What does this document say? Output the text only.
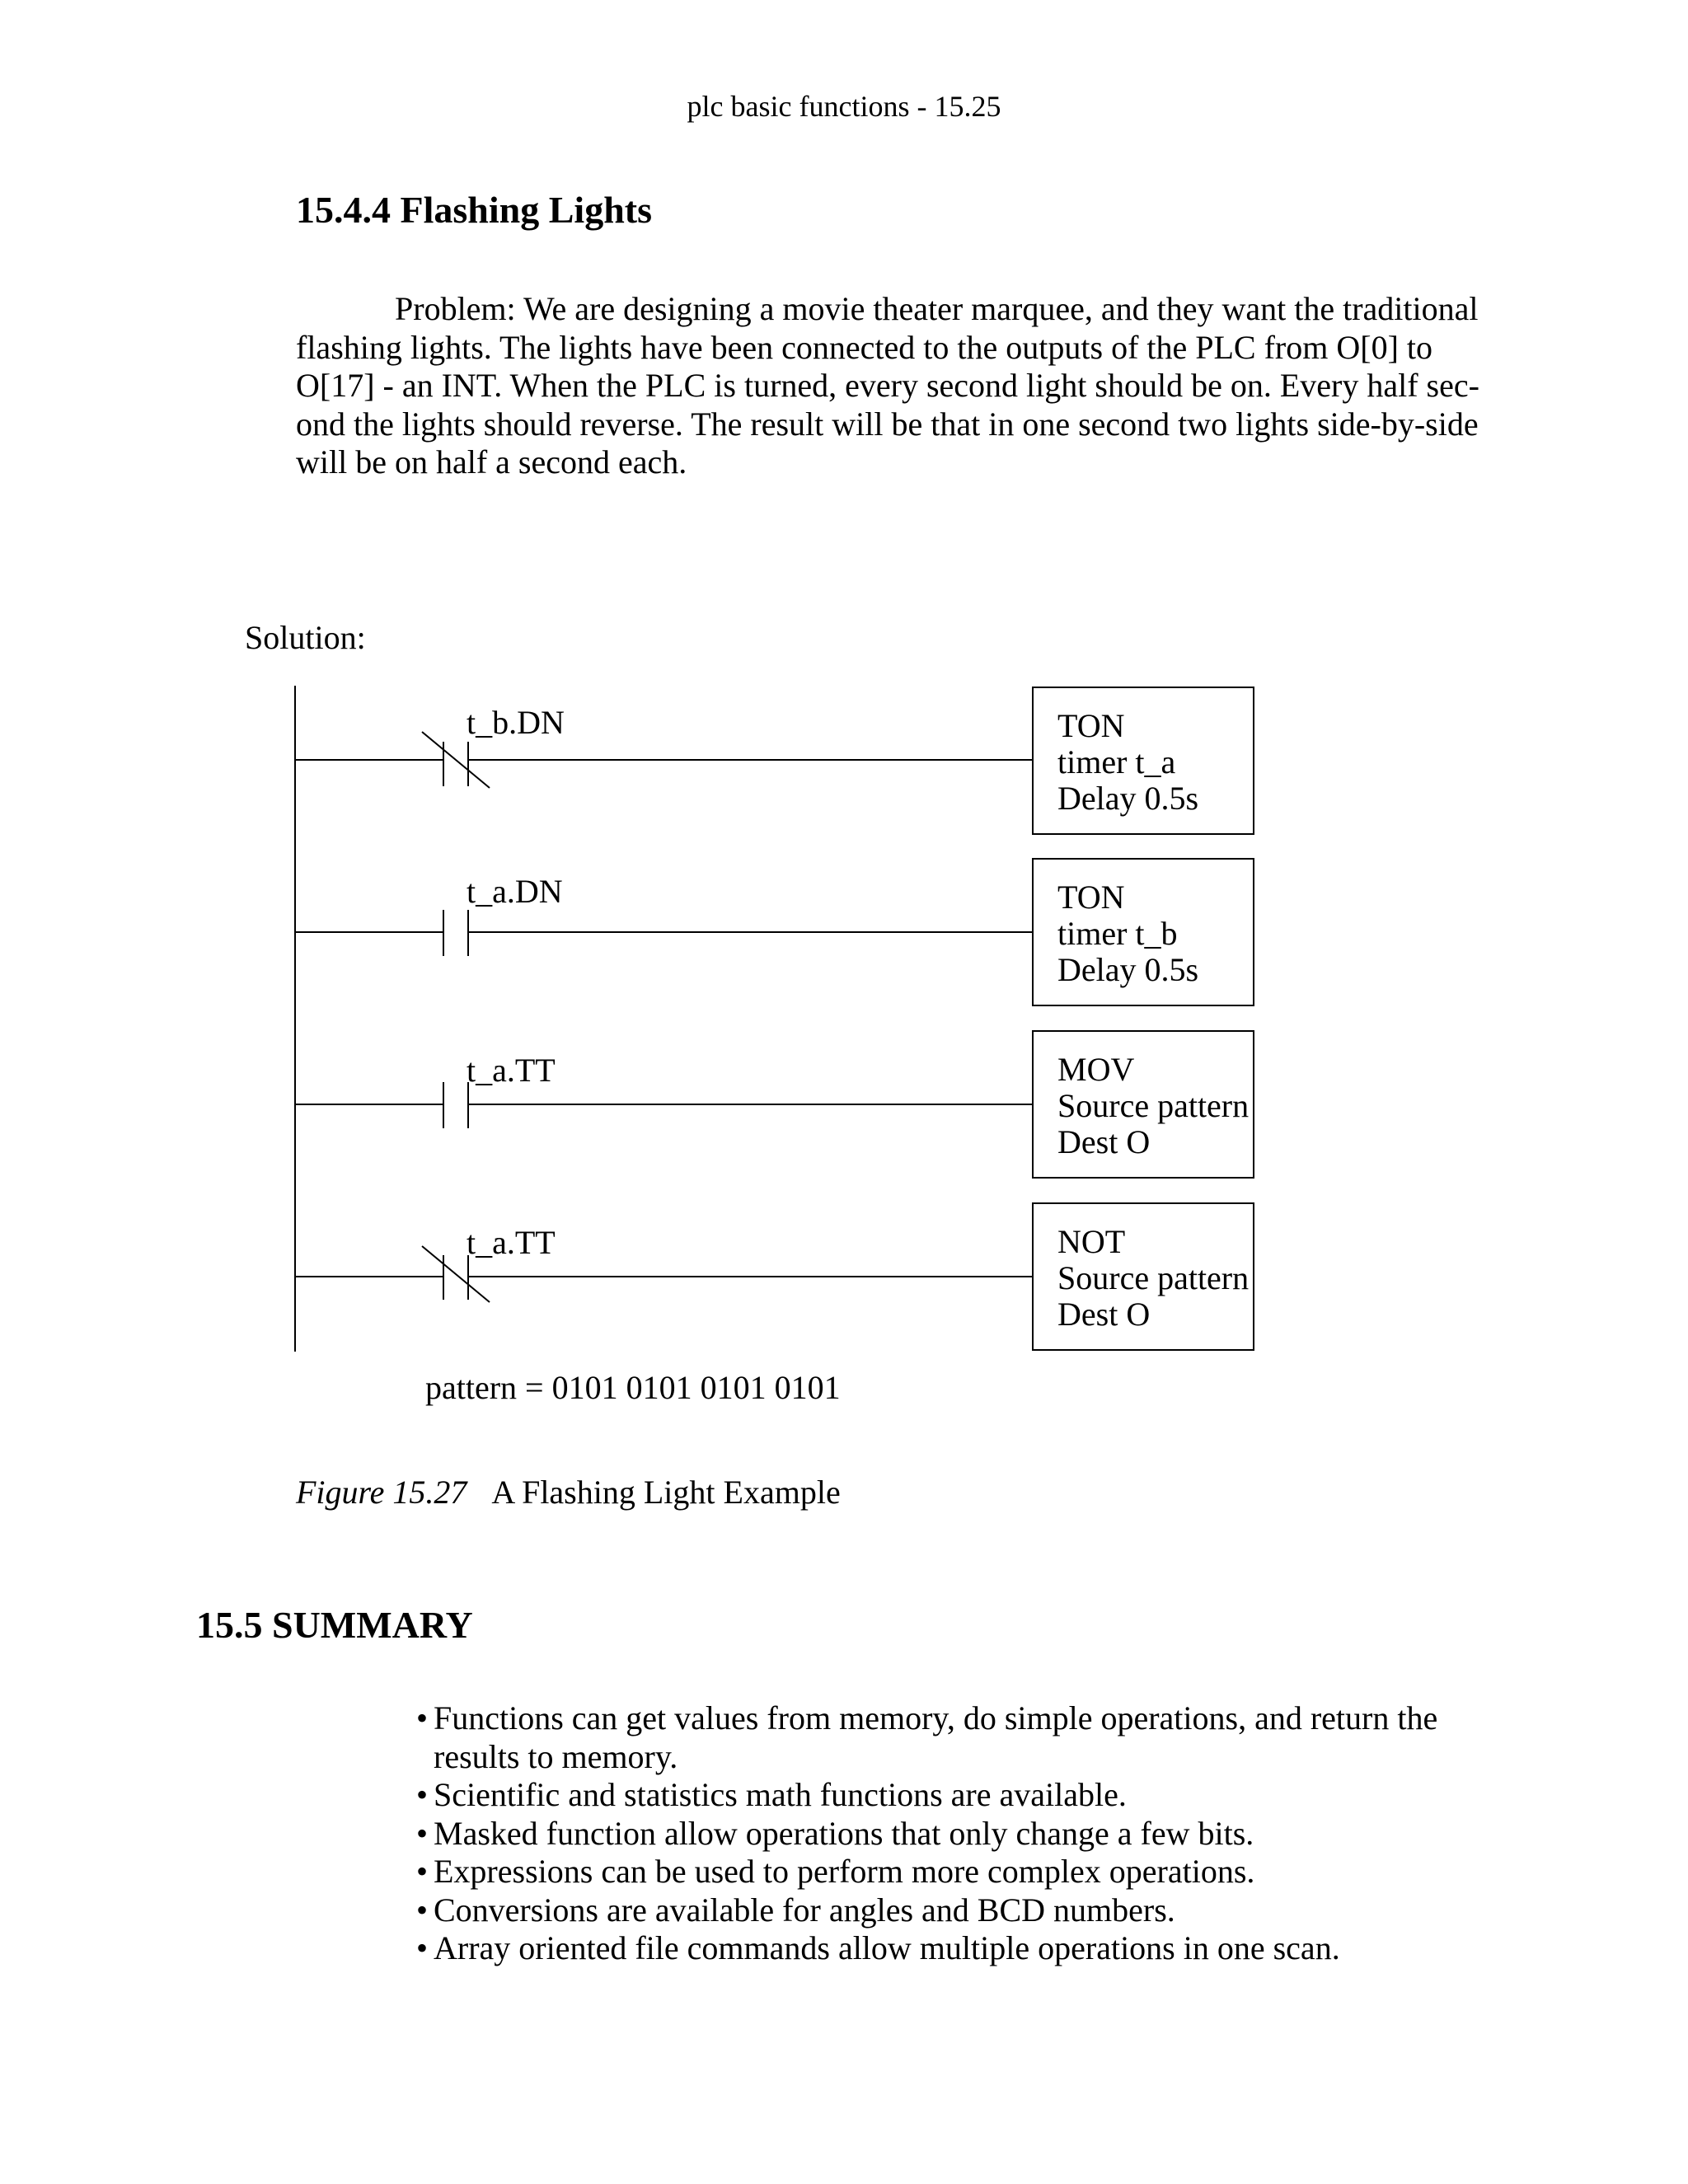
plc basic functions - 15.25
15.4.4 Flashing Lights
Problem: We are designing a movie theater marquee, and they want the traditional
flashing lights. The lights have been connected to the outputs of the PLC from O[0] to
O[17] - an INT. When the PLC is turned, every second light should be on. Every half sec-
ond the lights should reverse. The result will be that in one second two lights side-by-side
will be on half a second each.
Solution:
t_b.DN	TON
timer t_a
Delay 0.5s
t_a.DN	TON
timer t_b
Delay 0.5s
t_a.TT	MOV
Source pattern
Dest O
t_a.TT	NOT
Source pattern
Dest O
pattern = 0101 0101 0101 0101
Figure 15.27 A Flashing Light Example
15.5 SUMMARY
• Functions can get values from memory, do simple operations, and return the
results to memory.
• Scientific and statistics math functions are available.
• Masked function allow operations that only change a few bits.
• Expressions can be used to perform more complex operations.
• Conversions are available for angles and BCD numbers.
• Array oriented file commands allow multiple operations in one scan.
